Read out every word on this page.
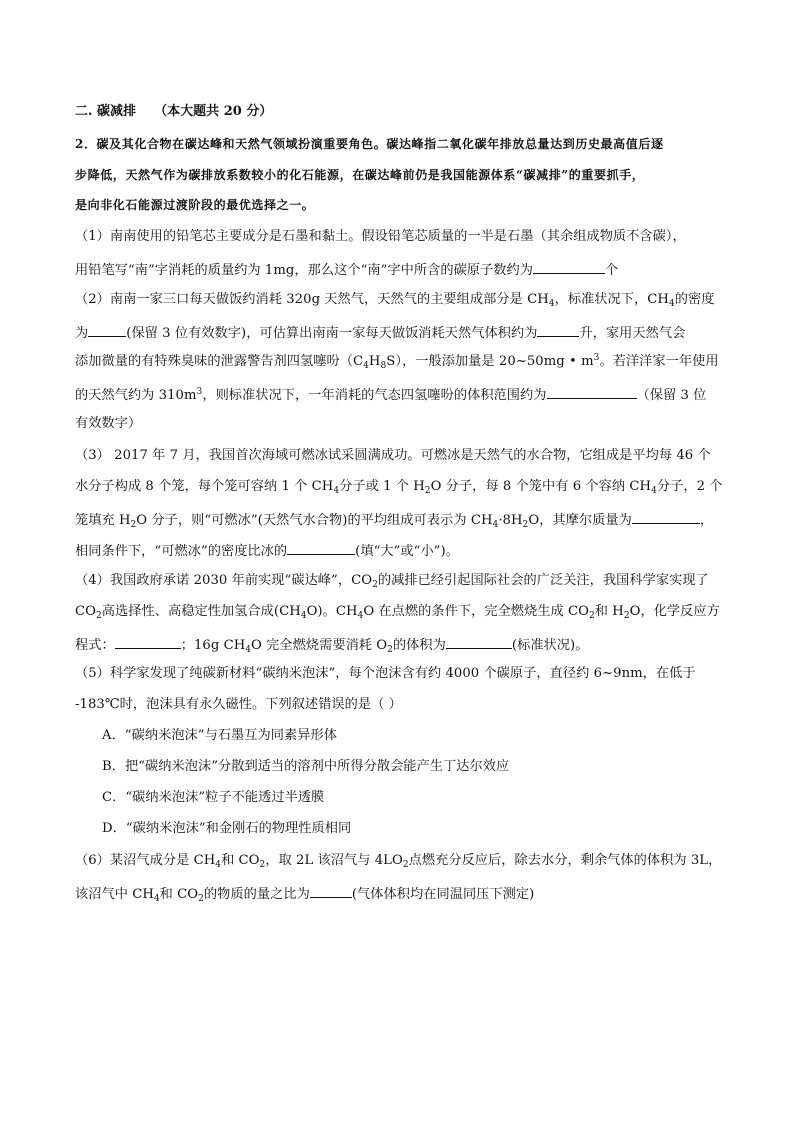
二. 碳减排 （本大题共 20 分）
2．碳及其化合物在碳达峰和天然气领域扮演重要角色。碳达峰指二氧化碳年排放总量达到历史最高值后逐
步降低，天然气作为碳排放系数较小的化石能源，在碳达峰前仍是我国能源体系“碳减排”的重要抓手，
是向非化石能源过渡阶段的最优选择之一。
（1）南南使用的铅笔芯主要成分是石墨和黏土。假设铅笔芯质量的一半是石墨（其余组成物质不含碳），
用铅笔写“南”字消耗的质量约为 1mg，那么这个“南”字中所含的碳原子数约为	个
（2）南南一家三口每天做饭约消耗 320g 天然气，天然气的主要组成部分是 $CH_4$，标准状况下，$CH_4$的密度
为	(保留 3 位有效数字)，可估算出南南一家每天做饭消耗天然气体积约为	升，家用天然气会
添加微量的有特殊臭味的泄露警告剂四氢噻吩$(C_4H_8S)$，一般添加量是 20~50mg • $m^3$。若洋洋家一年使用
的天然气约为 $310m^3$，则标准状况下，一年消耗的气态四氢噻吩的体积范围约为	（保留 3 位
有效数字）
（3） 2017 年 7 月，我国首次海域可燃冰试采圆满成功。可燃冰是天然气的水合物，它组成是平均每 46 个
水分子构成 8 个笼，每个笼可容纳 1 个 $CH_4$分子或 1 个 $H_2O$ 分子，每 8 个笼中有 6 个容纳 $CH_4$分子，2 个
笼填充 $H_2O$ 分子，则“可燃冰”(天然气水合物)的平均组成可表示为 $CH_4\cdot 8H_2O$，其摩尔质量为	，
相同条件下，“可燃冰”的密度比冰的	(填“大”或“小”)。
（4）我国政府承诺 2030 年前实现“碳达峰”，$CO_2$的减排已经引起国际社会的广泛关注，我国科学家实现了
$CO_2$高选择性、高稳定性加氢合成$(CH_4O)$。$CH_4O$ 在点燃的条件下，完全燃烧生成 $CO_2$和 $H_2O$，化学反应方
程式：	；16g $CH_4O$ 完全燃烧需要消耗 $O_2$的体积为	(标准状况)。
（5）科学家发现了纯碳新材料“碳纳米泡沫”，每个泡沫含有约 4000 个碳原子，直径约 6~9nm，在低于
-183℃时，泡沫具有永久磁性。下列叙述错误的是（ ）
A．“碳纳米泡沫”与石墨互为同素异形体
B．把“碳纳米泡沫”分散到适当的溶剂中所得分散会能产生丁达尔效应
C．“碳纳米泡沫”粒子不能透过半透膜
D．“碳纳米泡沫”和金刚石的物理性质相同
（6）某沼气成分是 $CH_4$和 $CO_2$，取 2L 该沼气与 $4LO_2$点燃充分反应后，除去水分，剩余气体的体积为 3L，
该沼气中 $CH_4$和 $CO_2$的物质的量之比为	(气体体积均在同温同压下测定)
